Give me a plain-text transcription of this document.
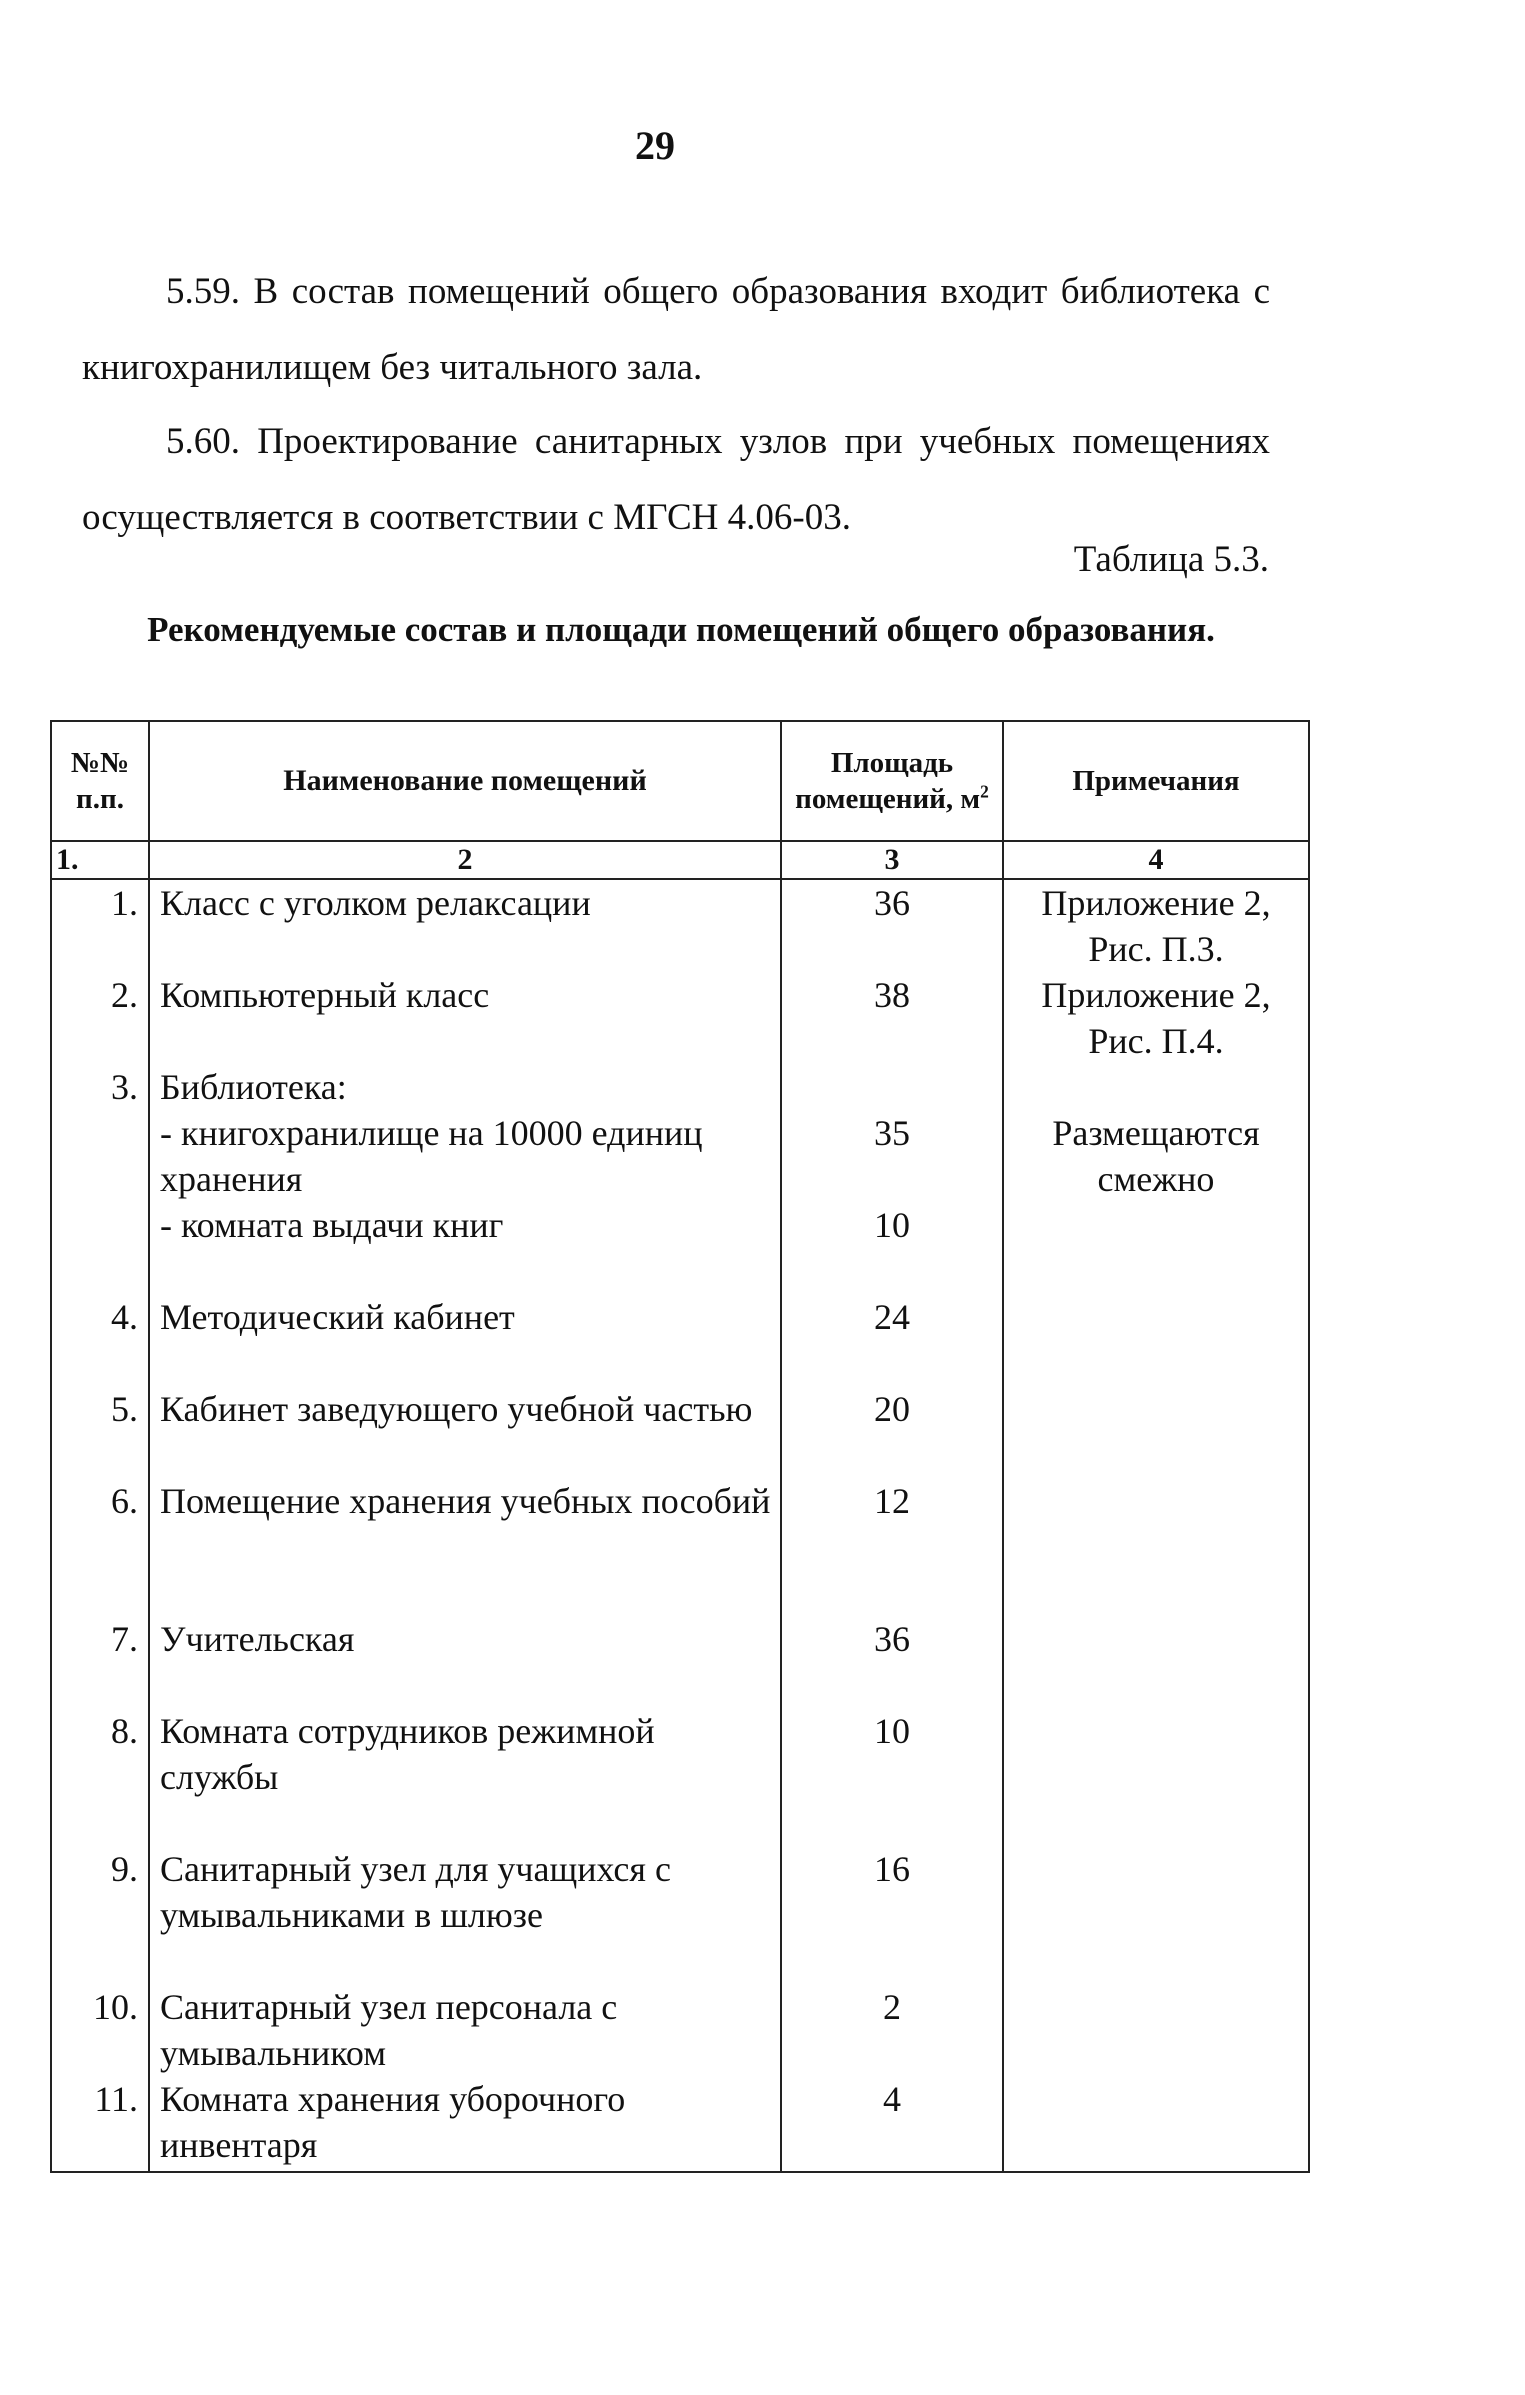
29

5.59. В состав помещений общего образования входит библиотека с книгохранилищем без читального зала.

5.60. Проектирование санитарных узлов при учебных помещениях осуществляется в соответствии с МГСН 4.06-03.

Таблица 5.3.
Рекомендуемые состав и площади помещений общего образования.
№№ п.п.	Наименование помещений	Площадь помещений, $м^2$	Примечания
1.	2	3	4
1.	Класс с уголком релаксации	36	Приложение 2, Рис. П.3.
2.	Компьютерный класс	38	Приложение 2, Рис. П.4.
3.	Библиотека:		
	- книгохранилище на 10000 единиц хранения	35	Размещаются смежно
	- комната выдачи книг	10	
4.	Методический кабинет	24	
5.	Кабинет заведующего учебной частью	20	
6.	Помещение хранения учебных пособий	12	
7.	Учительская	36	
8.	Комната сотрудников режимной службы	10	
9.	Санитарный узел для учащихся с умывальниками в шлюзе	16	
10.	Санитарный узел персонала с умывальником	2	
11.	Комната хранения уборочного инвентаря	4	
